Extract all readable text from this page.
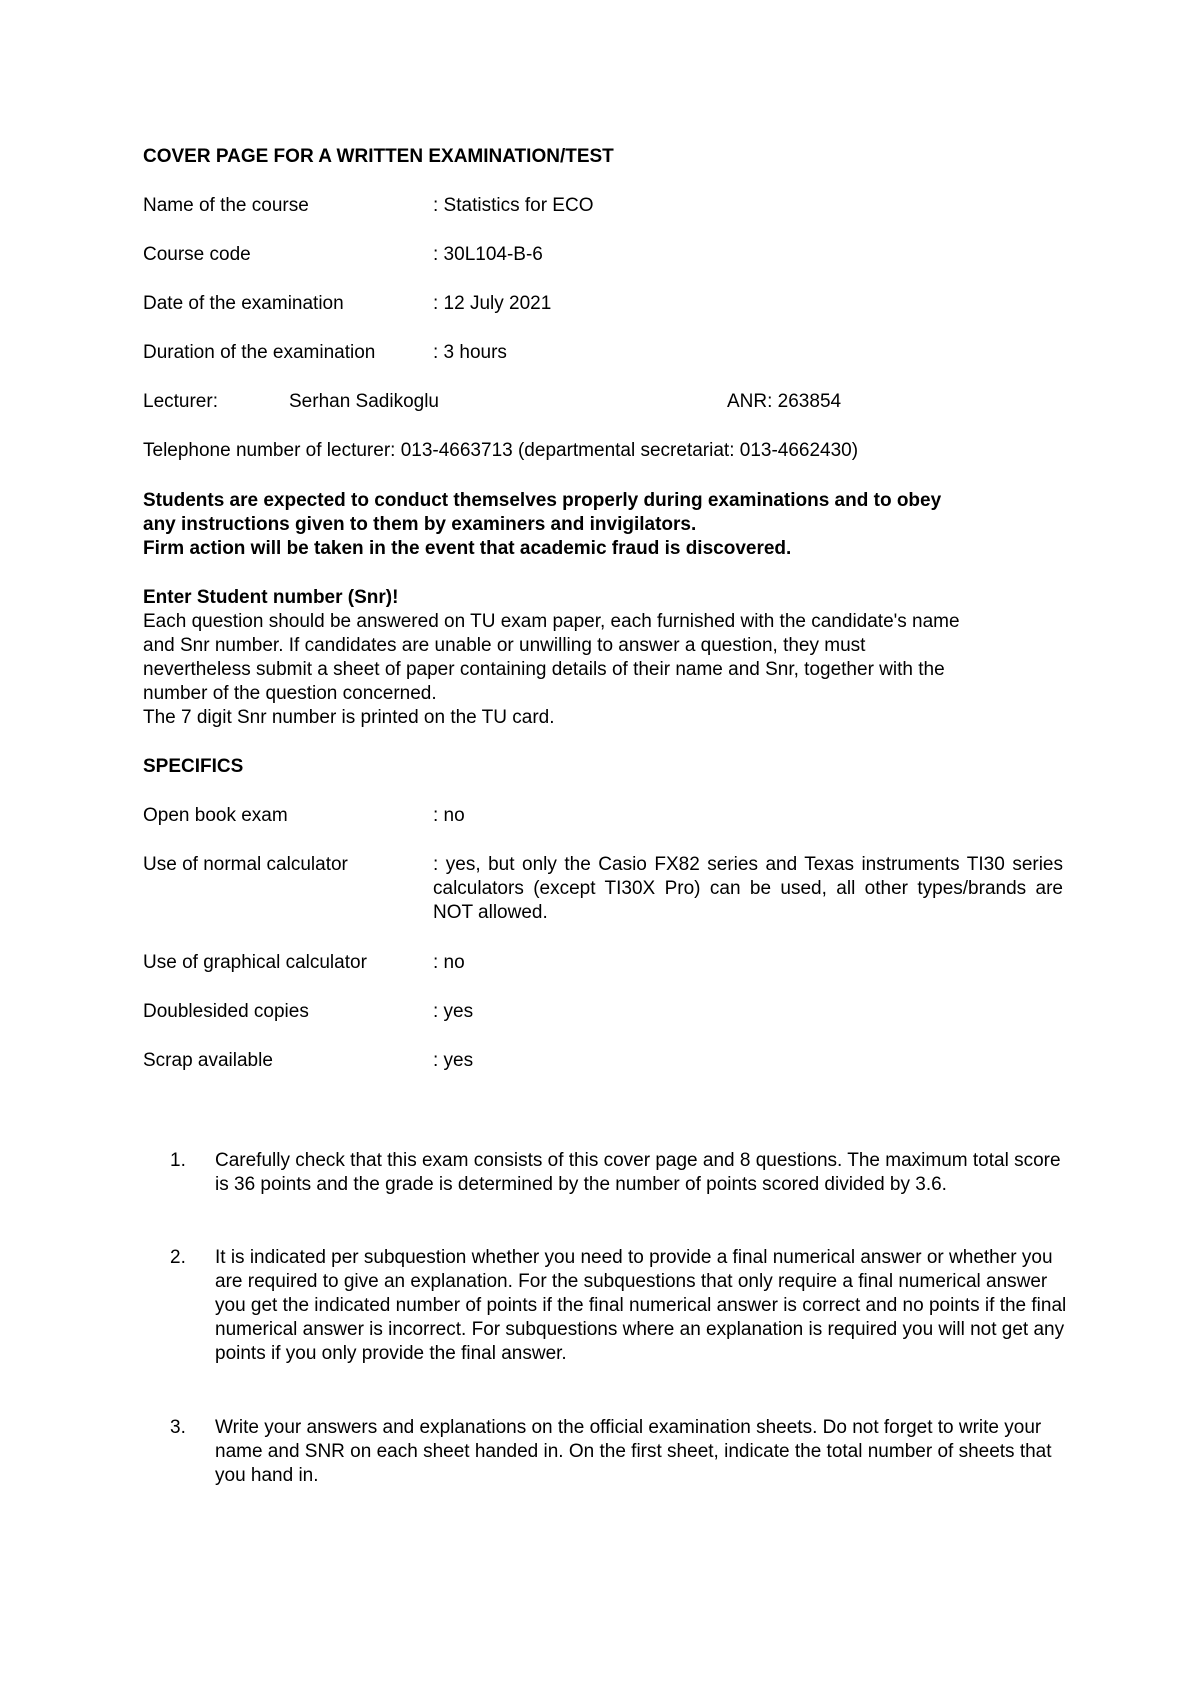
COVER PAGE FOR A WRITTEN EXAMINATION/TEST
Name of the course	: Statistics for ECO
Course code	: 30L104-B-6
Date of the examination	: 12 July 2021
Duration of the examination	: 3 hours
Lecturer:	Serhan Sadikoglu	ANR: 263854
Telephone number of lecturer: 013-4663713 (departmental secretariat: 013-4662430)
Students are expected to conduct themselves properly during examinations and to obey
any instructions given to them by examiners and invigilators.
Firm action will be taken in the event that academic fraud is discovered.
Enter Student number (Snr)!
Each question should be answered on TU exam paper, each furnished with the candidate's name
and Snr number. If candidates are unable or unwilling to answer a question, they must
nevertheless submit a sheet of paper containing details of their name and Snr, together with the
number of the question concerned.
The 7 digit Snr number is printed on the TU card.
SPECIFICS
Open book exam	: no
Use of normal calculator	: yes, but only the Casio FX82 series and Texas instruments TI30 series calculators (except TI30X Pro) can be used, all other types/brands are NOT allowed.
Use of graphical calculator	: no
Doublesided copies	: yes
Scrap available	: yes
1.	Carefully check that this exam consists of this cover page and 8 questions. The maximum total score is 36 points and the grade is determined by the number of points scored divided by 3.6.
2.	It is indicated per subquestion whether you need to provide a final numerical answer or whether you are required to give an explanation. For the subquestions that only require a final numerical answer you get the indicated number of points if the final numerical answer is correct and no points if the final numerical answer is incorrect. For subquestions where an explanation is required you will not get any points if you only provide the final answer.
3.	Write your answers and explanations on the official examination sheets. Do not forget to write your name and SNR on each sheet handed in. On the first sheet, indicate the total number of sheets that you hand in.
